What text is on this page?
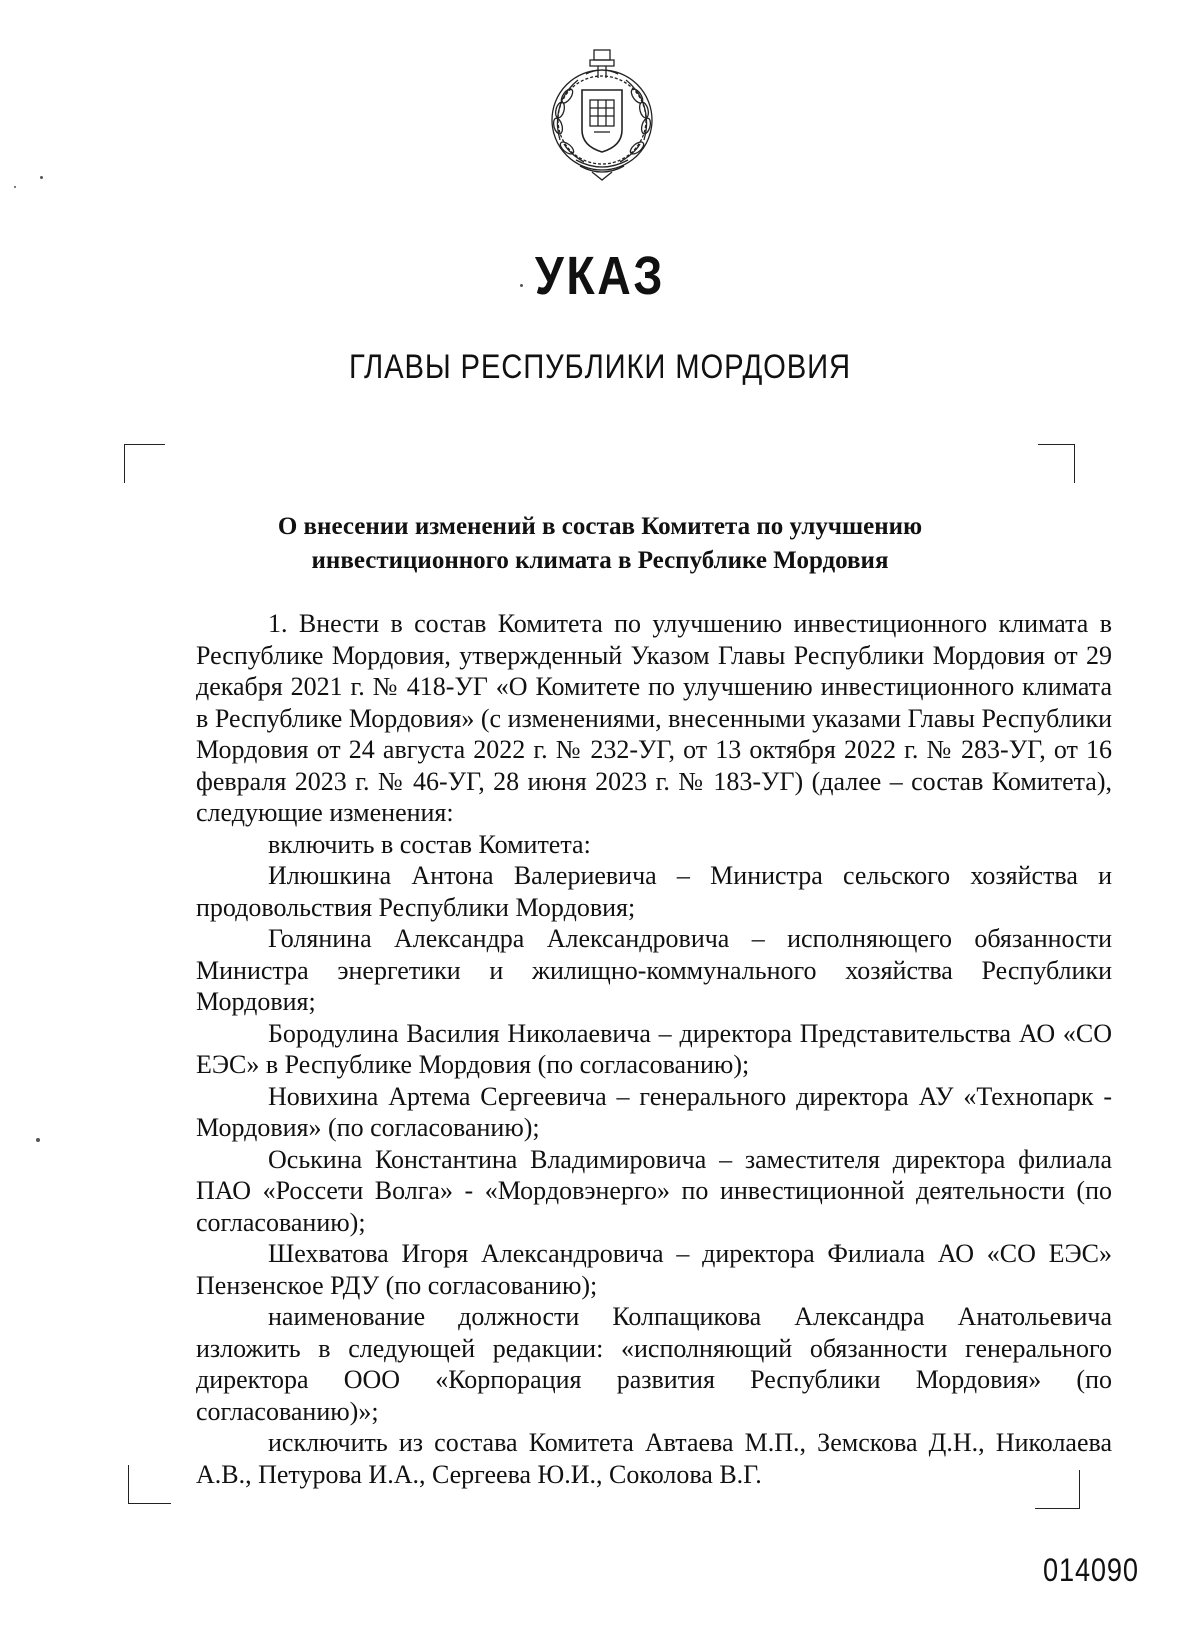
УКАЗ
ГЛАВЫ РЕСПУБЛИКИ МОРДОВИЯ
О внесении изменений в состав Комитета по улучшению
инвестиционного климата в Республике Мордовия

1. Внести в состав Комитета по улучшению инвестиционного климата в Республике Мордовия, утвержденный Указом Главы Республики Мордовия от 29 декабря 2021 г. № 418-УГ «О Комитете по улучшению инвестиционного климата в Республике Мордовия» (с изменениями, внесенными указами Главы Республики Мордовия от 24 августа 2022 г. № 232-УГ, от 13 октября 2022 г. № 283-УГ, от 16 февраля 2023 г. № 46-УГ, 28 июня 2023 г. № 183-УГ) (далее – состав Комитета), следующие изменения:

включить в состав Комитета:

Илюшкина Антона Валериевича – Министра сельского хозяйства и продовольствия Республики Мордовия;

Голянина Александра Александровича – исполняющего обязанности Министра энергетики и жилищно-коммунального хозяйства Республики Мордовия;

Бородулина Василия Николаевича – директора Представительства АО «СО ЕЭС» в Республике Мордовия (по согласованию);

Новихина Артема Сергеевича – генерального директора АУ «Технопарк - Мордовия» (по согласованию);

Оськина Константина Владимировича – заместителя директора филиала ПАО «Россети Волга» - «Мордовэнерго» по инвестиционной деятельности (по согласованию);

Шехватова Игоря Александровича – директора Филиала АО «СО ЕЭС» Пензенское РДУ (по согласованию);

наименование должности Колпащикова Александра Анатольевича изложить в следующей редакции: «исполняющий обязанности генерального директора ООО «Корпорация развития Республики Мордовия» (по согласованию)»;

исключить из состава Комитета Автаева М.П., Земскова Д.Н., Николаева А.В., Петурова И.А., Сергеева Ю.И., Соколова В.Г.

014090
